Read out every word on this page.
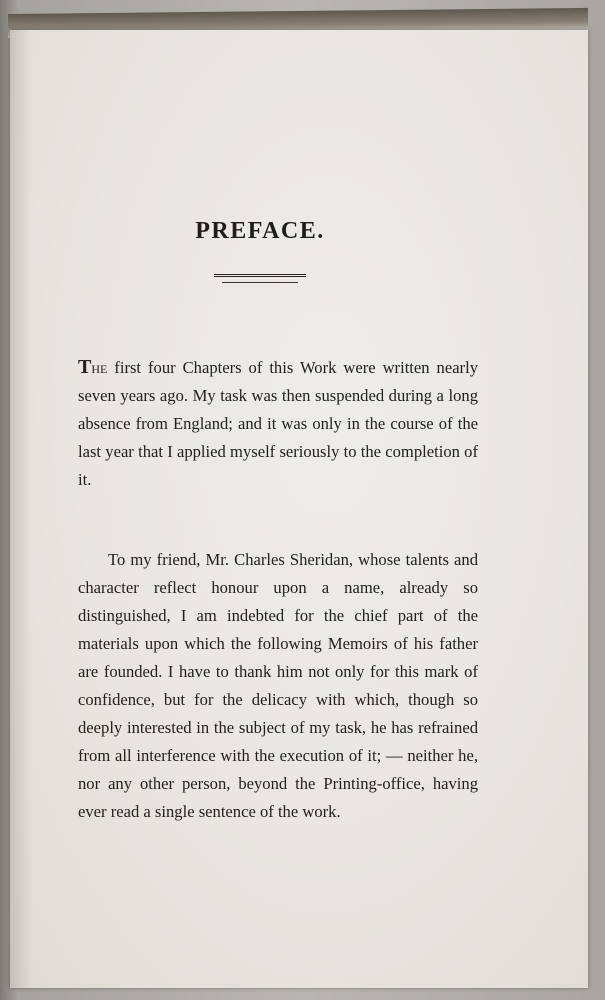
PREFACE.

The first four Chapters of this Work were written nearly seven years ago. My task was then suspended during a long absence from England; and it was only in the course of the last year that I applied myself seriously to the completion of it.

To my friend, Mr. Charles Sheridan, whose talents and character reflect honour upon a name, already so distinguished, I am indebted for the chief part of the materials upon which the following Memoirs of his father are founded. I have to thank him not only for this mark of confidence, but for the delicacy with which, though so deeply interested in the subject of my task, he has refrained from all interference with the execution of it; — neither he, nor any other person, beyond the Printing-office, having ever read a single sentence of the work.
